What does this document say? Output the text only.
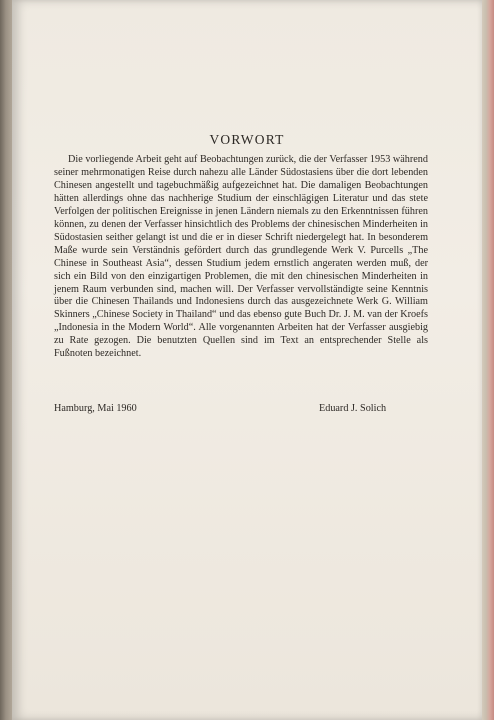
VORWORT

Die vorliegende Arbeit geht auf Beobachtungen zurück, die der Verfasser 1953 während seiner mehrmonatigen Reise durch nahezu alle Länder Südostasiens über die dort lebenden Chinesen angestellt und tagebuchmäßig aufgezeichnet hat. Die damaligen Beobachtungen hätten allerdings ohne das nachherige Studium der einschlägigen Literatur und das stete Verfolgen der politischen Ereignisse in jenen Ländern niemals zu den Erkenntnissen führen können, zu denen der Verfasser hinsichtlich des Problems der chinesischen Minderheiten in Südostasien seither gelangt ist und die er in dieser Schrift niedergelegt hat. In besonderem Maße wurde sein Verständnis gefördert durch das grundlegende Werk V. Purcells „The Chinese in Southeast Asia“, dessen Studium jedem ernstlich angeraten werden muß, der sich ein Bild von den einzigartigen Problemen, die mit den chinesischen Minderheiten in jenem Raum verbunden sind, machen will. Der Verfasser vervollständigte seine Kenntnis über die Chinesen Thailands und Indonesiens durch das ausgezeichnete Werk G. William Skinners „Chinese Society in Thailand“ und das ebenso gute Buch Dr. J. M. van der Kroefs „Indonesia in the Modern World“. Alle vorgenannten Arbeiten hat der Verfasser ausgiebig zu Rate gezogen. Die benutzten Quellen sind im Text an entsprechender Stelle als Fußnoten bezeichnet.

Hamburg, Mai 1960	Eduard J. Solich
